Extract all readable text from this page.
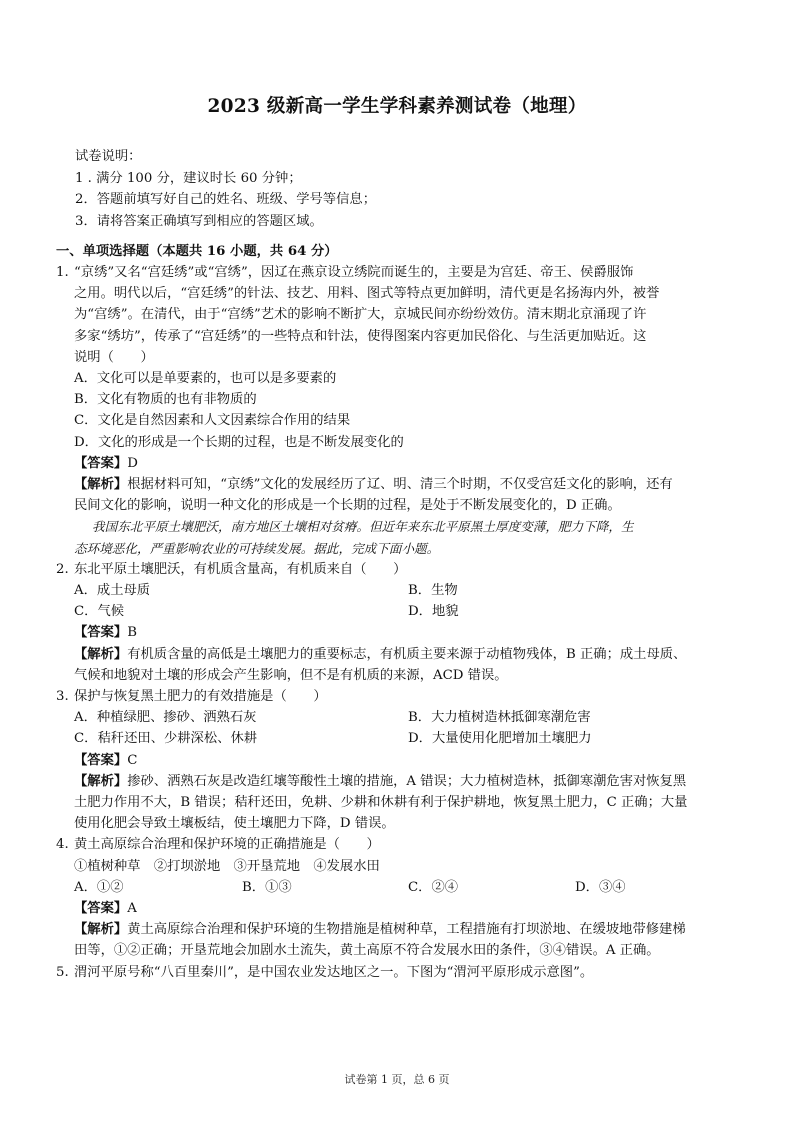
2023 级新高一学生学科素养测试卷（地理）
试卷说明：
1 . 满分 100 分，建议时长 60 分钟；
2．答题前填写好自己的姓名、班级、学号等信息；
3．请将答案正确填写到相应的答题区域。
一、单项选择题（本题共 16 小题，共 64 分）
1. “京绣”又名“宫廷绣”或“宫绣”，因辽在燕京设立绣院而诞生的，主要是为宫廷、帝王、侯爵服饰
之用。明代以后，“宫廷绣”的针法、技艺、用料、图式等特点更加鲜明，清代更是名扬海内外，被誉
为“宫绣”。在清代，由于“宫绣”艺术的影响不断扩大，京城民间亦纷纷效仿。清末期北京涌现了许
多家“绣坊”，传承了“宫廷绣”的一些特点和针法，使得图案内容更加民俗化、与生活更加贴近。这
说明（　　）
A．文化可以是单要素的，也可以是多要素的
B．文化有物质的也有非物质的
C．文化是自然因素和人文因素综合作用的结果
D．文化的形成是一个长期的过程，也是不断发展变化的
【答案】D
【解析】根据材料可知，“京绣”文化的发展经历了辽、明、清三个时期，不仅受宫廷文化的影响，还有
民间文化的影响，说明一种文化的形成是一个长期的过程，是处于不断发展变化的，D 正确。
我国东北平原土壤肥沃，南方地区土壤相对贫瘠。但近年来东北平原黑土厚度变薄，肥力下降，生
态环境恶化，严重影响农业的可持续发展。据此，完成下面小题。
2. 东北平原土壤肥沃，有机质含量高，有机质来自（　　）
A．成土母质	B．生物
C．气候	D．地貌
【答案】B
【解析】有机质含量的高低是土壤肥力的重要标志，有机质主要来源于动植物残体，B 正确；成土母质、
气候和地貌对土壤的形成会产生影响，但不是有机质的来源，ACD 错误。
3. 保护与恢复黑土肥力的有效措施是（　　）
A．种植绿肥、掺砂、洒熟石灰	B．大力植树造林抵御寒潮危害
C．秸秆还田、少耕深松、休耕	D．大量使用化肥增加土壤肥力
【答案】C
【解析】掺砂、洒熟石灰是改造红壤等酸性土壤的措施，A 错误；大力植树造林，抵御寒潮危害对恢复黑
土肥力作用不大，B 错误；秸秆还田，免耕、少耕和休耕有利于保护耕地，恢复黑土肥力，C 正确；大量
使用化肥会导致土壤板结，使土壤肥力下降，D 错误。
4. 黄土高原综合治理和保护环境的正确措施是（　　）
①植树种草　②打坝淤地　③开垦荒地　④发展水田
A．①②	B．①③	C．②④	D．③④
【答案】A
【解析】黄土高原综合治理和保护环境的生物措施是植树种草，工程措施有打坝淤地、在缓坡地带修建梯
田等，①②正确；开垦荒地会加剧水土流失，黄土高原不符合发展水田的条件，③④错误。A 正确。
5. 渭河平原号称“八百里秦川”，是中国农业发达地区之一。下图为“渭河平原形成示意图”。
试卷第 1 页，总 6 页
